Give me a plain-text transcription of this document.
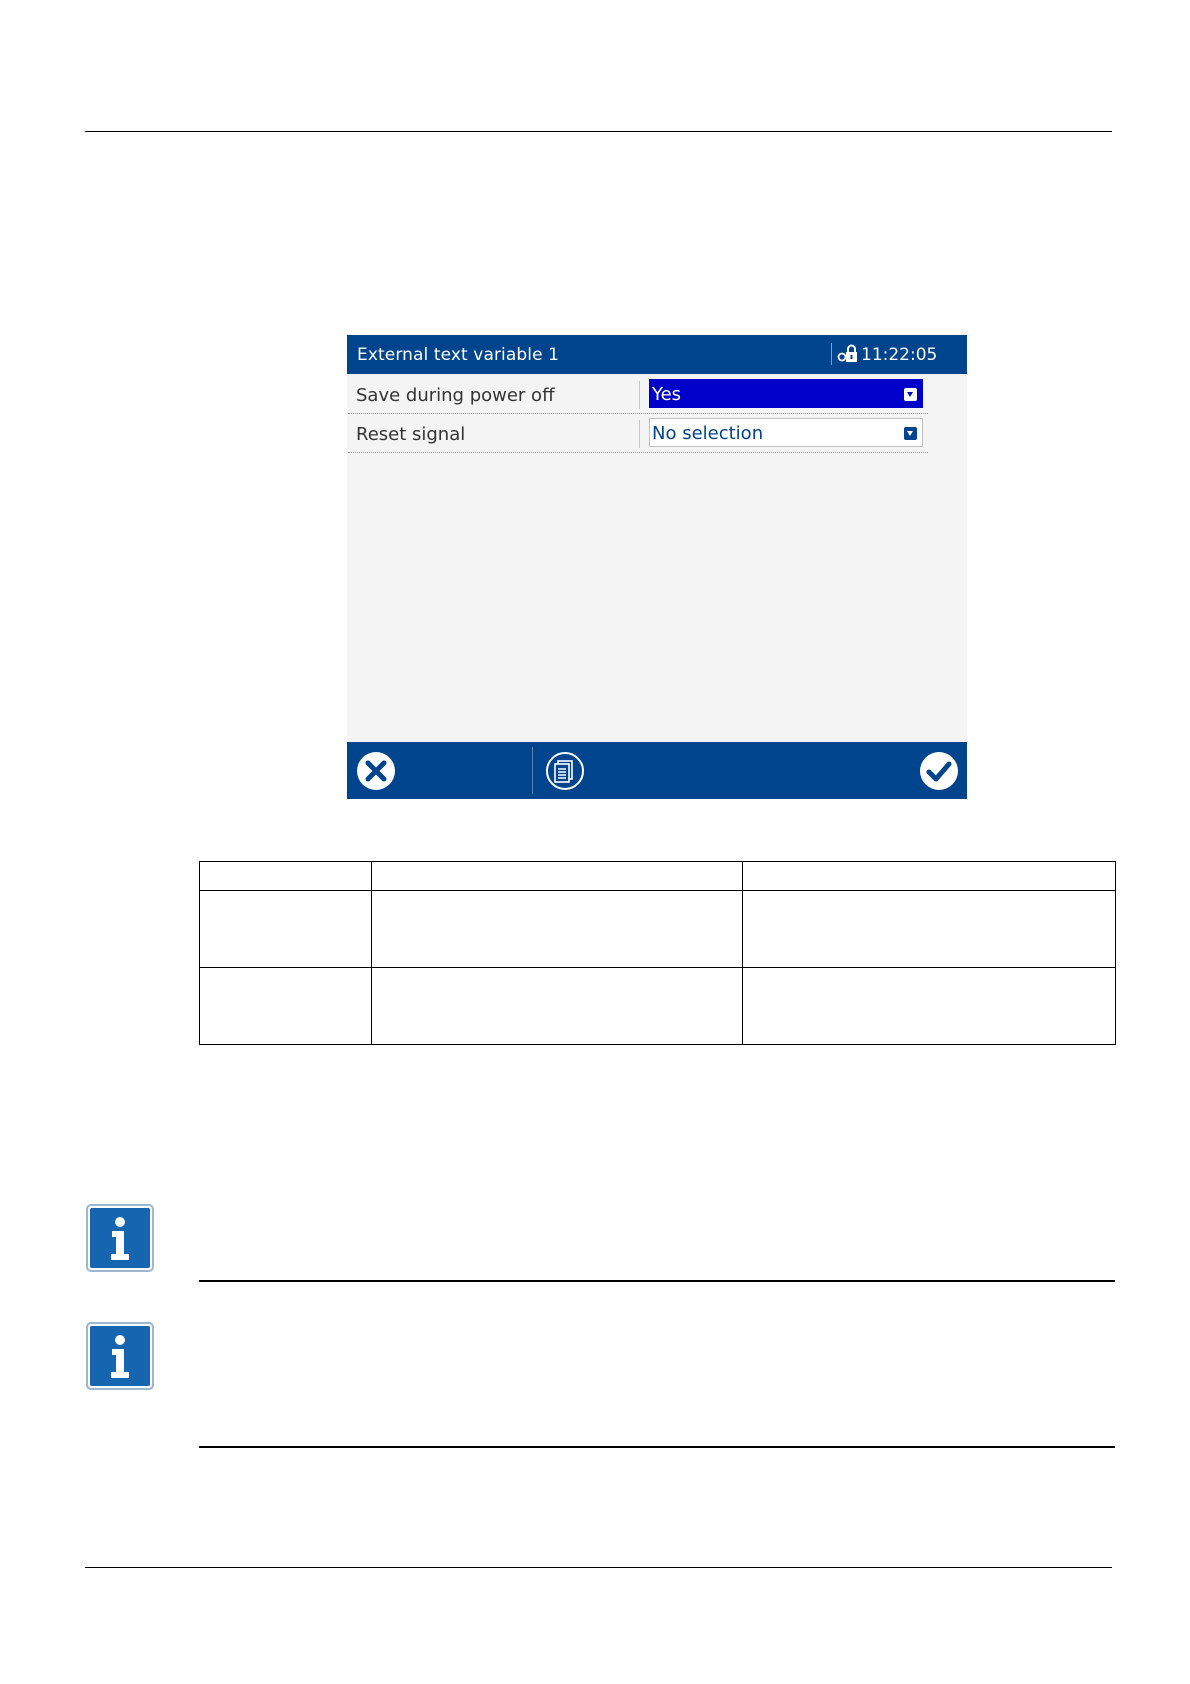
External text variable 1	11:22:05
Save during power off	Yes
Reset signal	No selection
